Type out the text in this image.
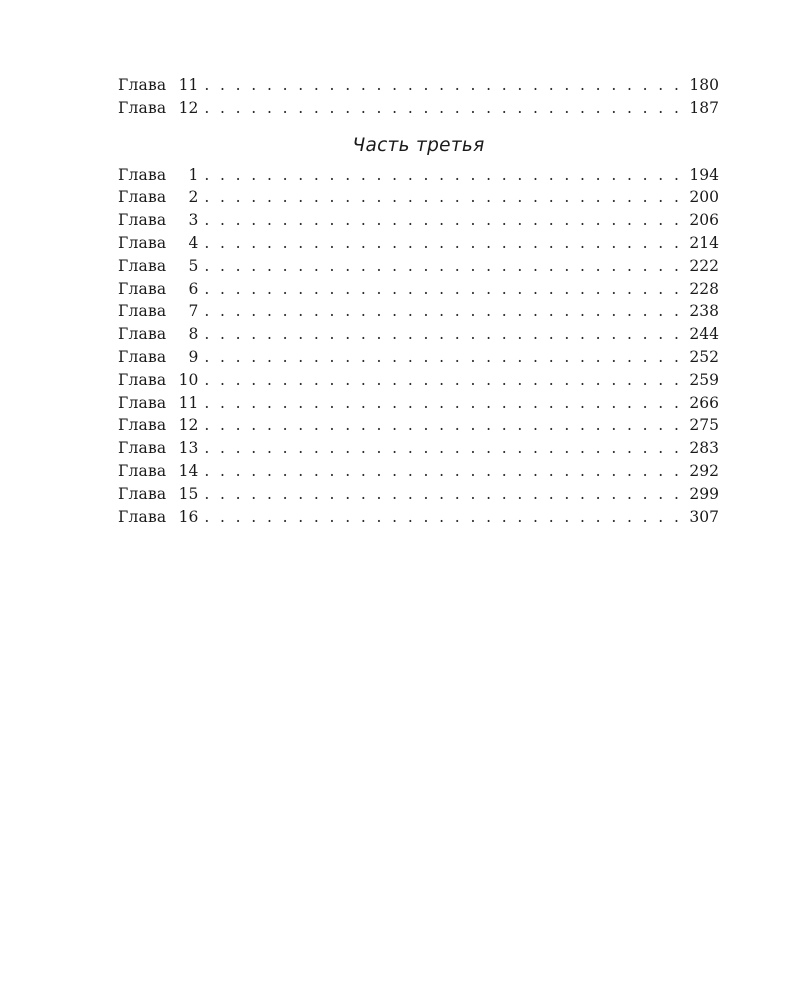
Глава 11 . . .	180
Глава 12 . . .	187
Часть третья
Глава	1 . . .	194
Глава	2 . . .	200
Глава	3 . . .	206
Глава	4 . . .	214
Глава	5 . . .	222
Глава	6 . . .	228
Глава	7 . . .	238
Глава	8 . . .	244
Глава	9 . . .	252
Глава 10 . . .	259
Глава 11 . . .	266
Глава 12 . . .	275
Глава 13 . . .	283
Глава 14 . . .	292
Глава 15 . . .	299
Глава 16 . . .	307
